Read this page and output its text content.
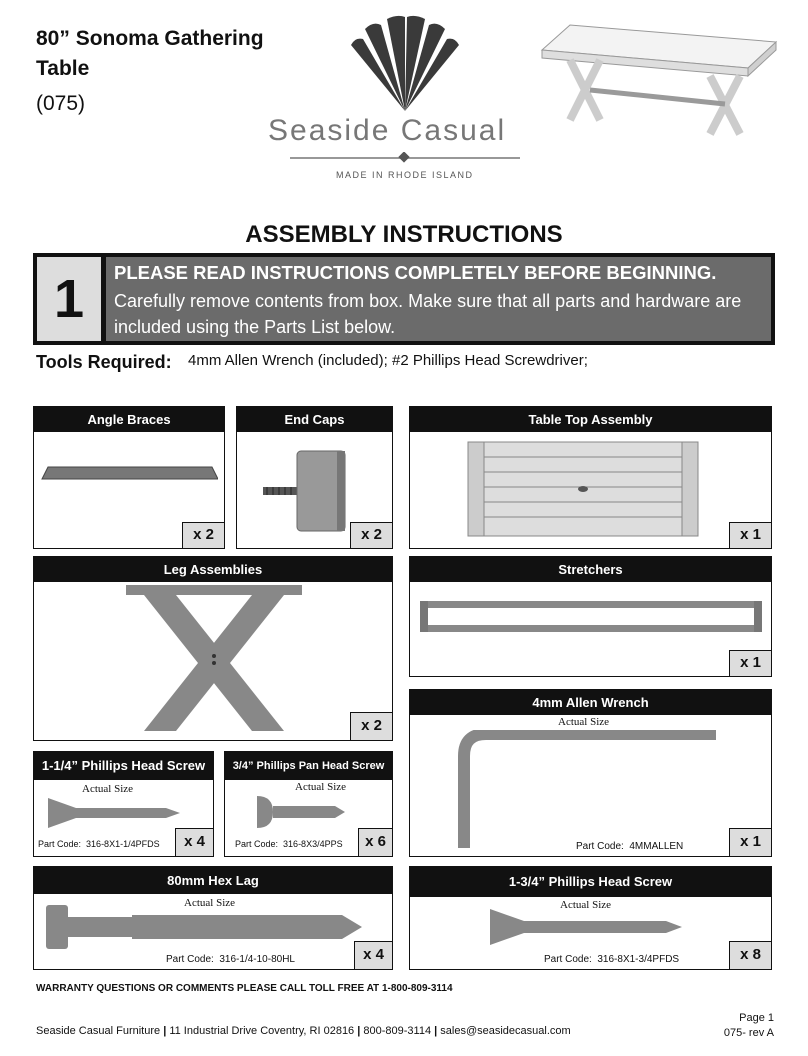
80” Sonoma Gathering Table
(075)
Seaside Casual
MADE IN RHODE ISLAND
ASSEMBLY INSTRUCTIONS
1	PLEASE READ INSTRUCTIONS COMPLETELY BEFORE BEGINNING.
Carefully remove contents from box. Make sure that all parts and hardware are included using the Parts List below.
Tools Required: 4mm Allen Wrench (included); #2 Phillips Head Screwdriver;
Angle Braces
x 2
End Caps
x 2
Table Top Assembly
x 1
Leg Assemblies
x 2
Stretchers
x 1
4mm Allen Wrench
Actual Size
Part Code: 4MMALLEN	x 1
1-1/4” Phillips Head Screw
Actual Size
Part Code: 316-8X1-1/4PFDS	x 4
3/4” Phillips Pan Head Screw
Actual Size
Part Code: 316-8X3/4PPS	x 6
80mm Hex Lag
Actual Size
Part Code: 316-1/4-10-80HL	x 4
1-3/4” Phillips Head Screw
Actual Size
Part Code: 316-8X1-3/4PFDS	x 8
WARRANTY QUESTIONS OR COMMENTS PLEASE CALL TOLL FREE AT 1-800-809-3114
Seaside Casual Furniture | 11 Industrial Drive Coventry, RI 02816 | 800-809-3114 | sales@seasidecasual.com
Page 1
075- rev A
